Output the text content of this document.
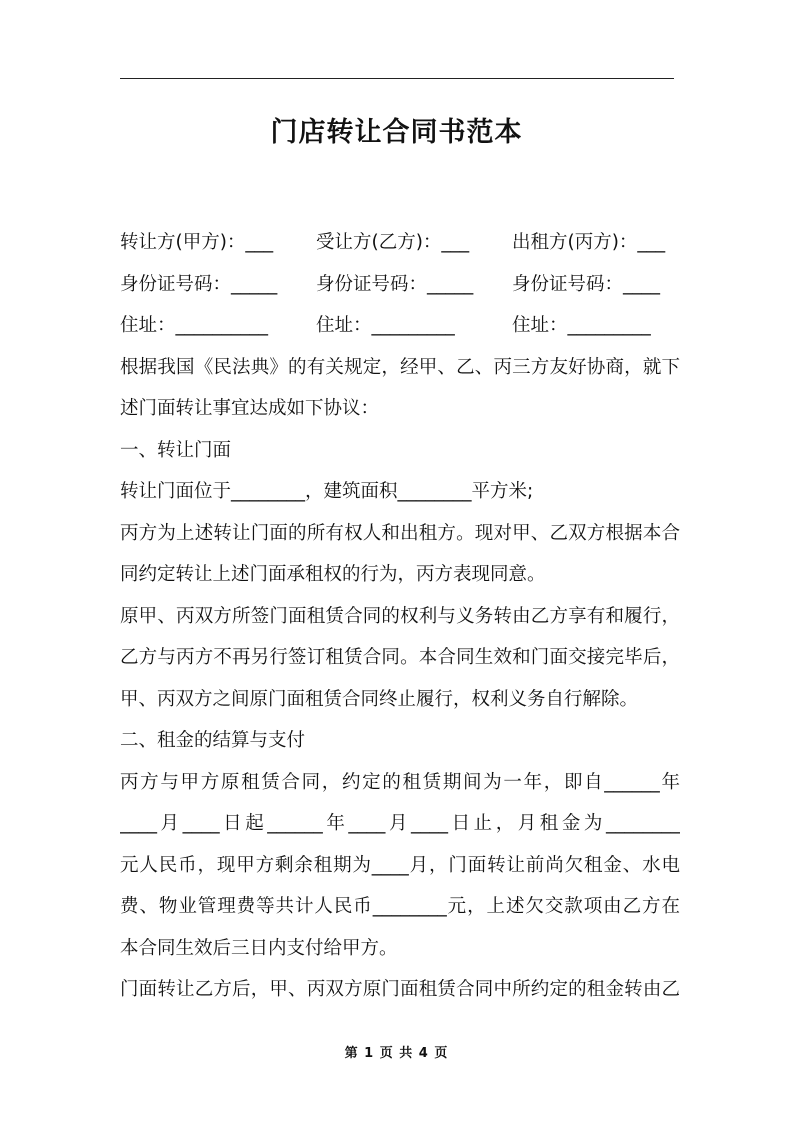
门店转让合同书范本
转让方(甲方)：___	受让方(乙方)：___	出租方(丙方)：___
身份证号码：_____	身份证号码：_____	身份证号码：____
住址：__________	住址：_________	住址：_________
根据我国《民法典》的有关规定，经甲、乙、丙三方友好协商，就下
述门面转让事宜达成如下协议：
一、转让门面
转让门面位于________，建筑面积________平方米;
丙方为上述转让门面的所有权人和出租方。现对甲、乙双方根据本合
同约定转让上述门面承租权的行为，丙方表现同意。
原甲、丙双方所签门面租赁合同的权利与义务转由乙方享有和履行，
乙方与丙方不再另行签订租赁合同。本合同生效和门面交接完毕后，
甲、丙双方之间原门面租赁合同终止履行，权利义务自行解除。
二、租金的结算与支付
丙方与甲方原租赁合同，约定的租赁期间为一年，即自______年
____月____日起______年____月____日止，月租金为________
元人民币，现甲方剩余租期为____月，门面转让前尚欠租金、水电
费、物业管理费等共计人民币________元，上述欠交款项由乙方在
本合同生效后三日内支付给甲方。
门面转让乙方后，甲、丙双方原门面租赁合同中所约定的租金转由乙
第 1 页 共 4 页
